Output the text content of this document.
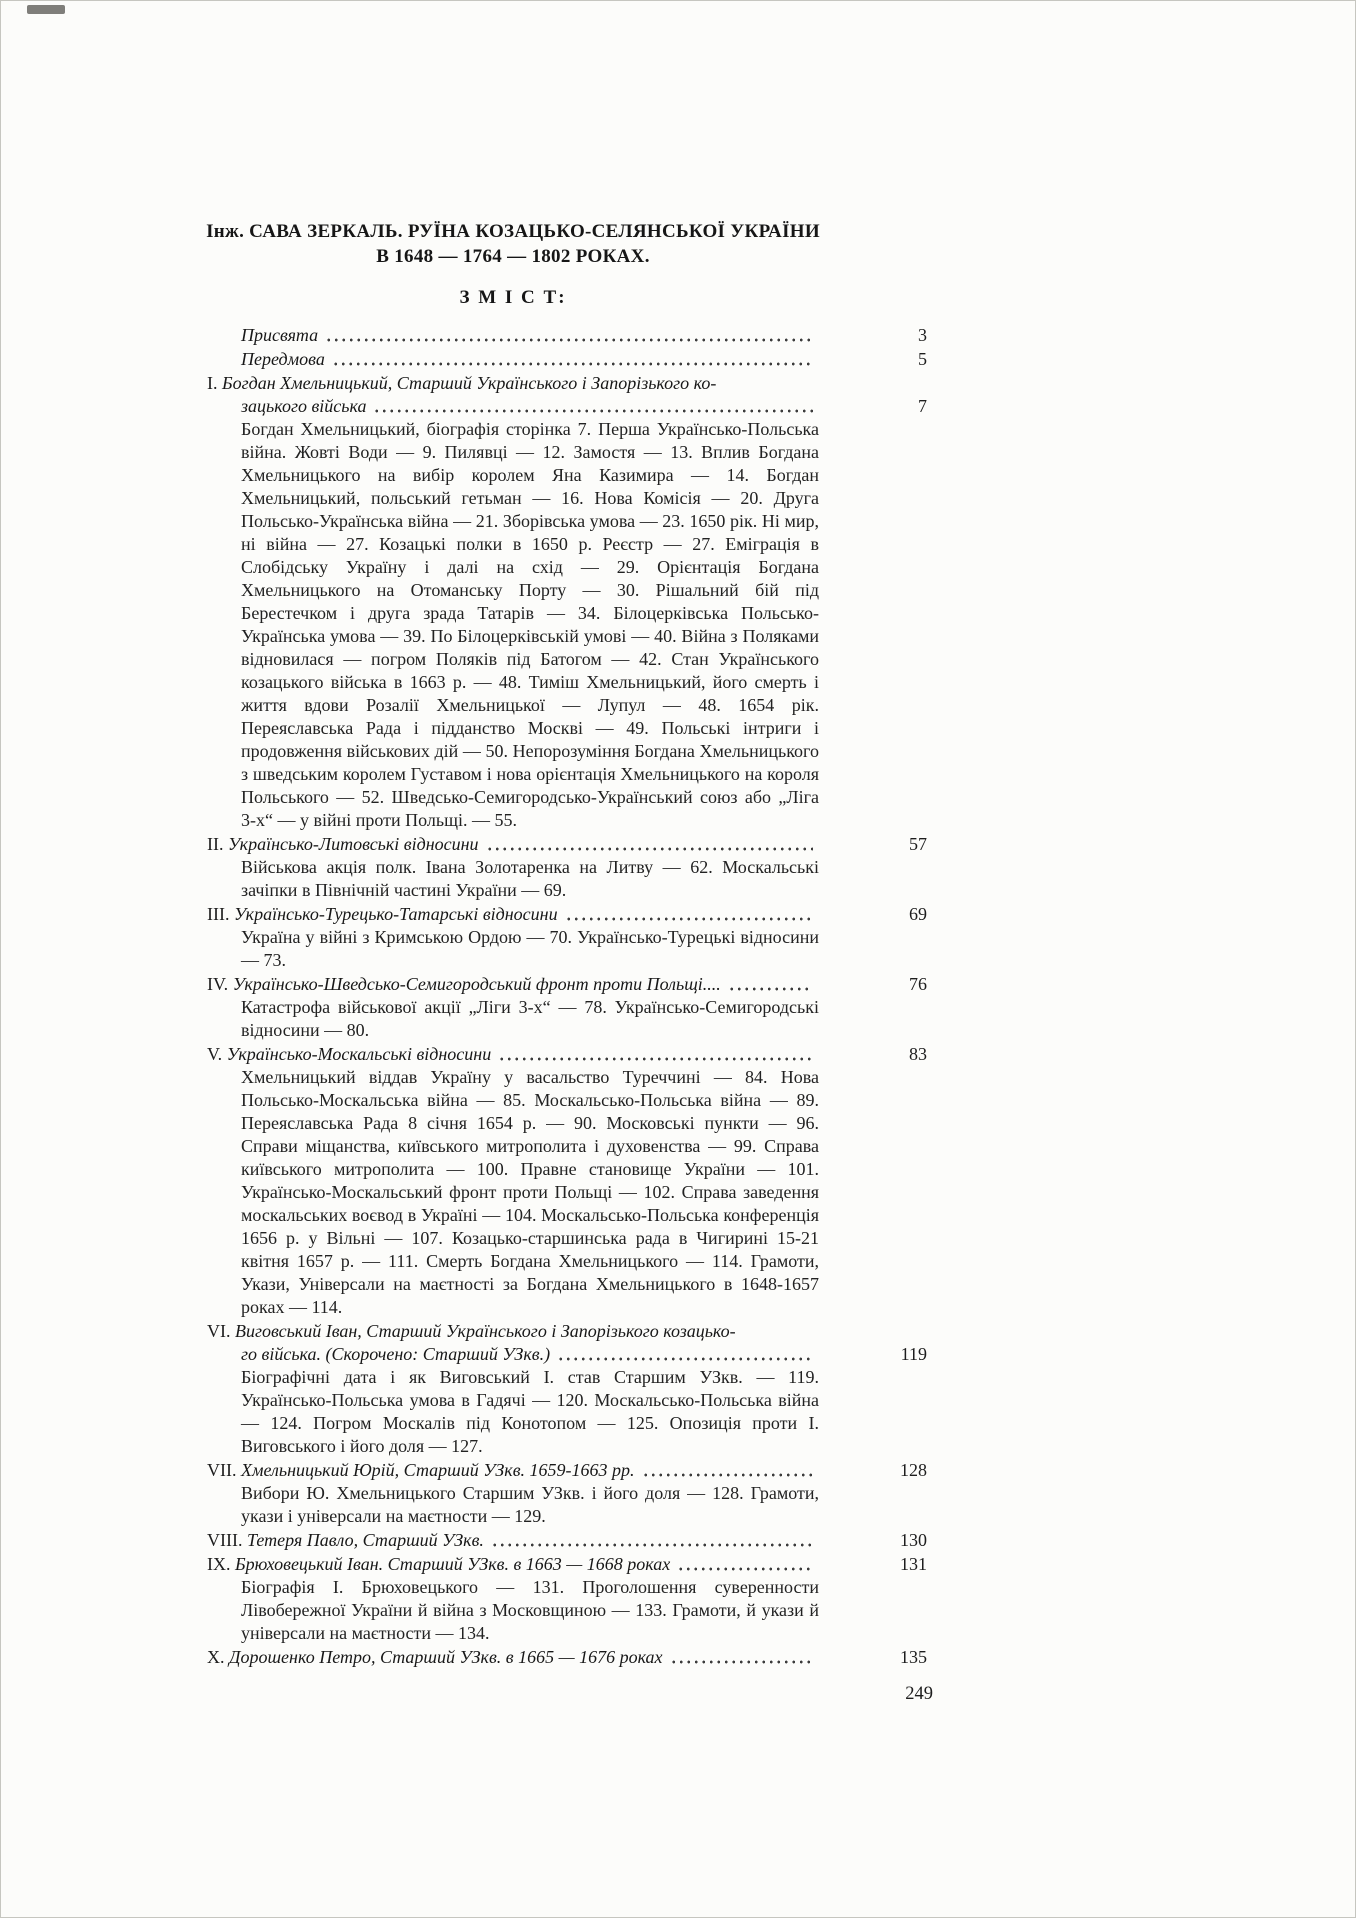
Інж. САВА ЗЕРКАЛЬ. РУЇНА КОЗАЦЬКО-СЕЛЯНСЬКОЇ УКРАЇНИ
В 1648 — 1764 — 1802 РОКАХ.
З М І С Т:
Присвята	3
Передмова	5
I. Богдан Хмельницький, Старший Українського і Запорізького ко-
зацького війська	7
Богдан Хмельницький, біографія сторінка 7. Перша Українсько-Польська війна. Жовті Води — 9. Пилявці — 12. Замостя — 13. Вплив Богдана Хмельницького на вибір королем Яна Казимира — 14. Богдан Хмельницький, польський гетьман — 16. Нова Комісія — 20. Друга Польсько-Українська війна — 21. Зборівська умова — 23. 1650 рік. Ні мир, ні війна — 27. Козацькі полки в 1650 р. Реєстр — 27. Еміграція в Слобідську Україну і далі на схід — 29. Орієнтація Богдана Хмельницького на Отоманську Порту — 30. Рішальний бій під Берестечком і друга зрада Татарів — 34. Білоцерківська Польсько-Українська умова — 39. По Білоцерківській умові — 40. Війна з Поляками відновилася — погром Поляків під Батогом — 42. Стан Українського козацького війська в 1663 р. — 48. Тиміш Хмельницький, його смерть і життя вдови Розалії Хмельницької — Лупул — 48. 1654 рік. Переяславська Рада і підданство Москві — 49. Польські інтриги і продовження військових дій — 50. Непорозуміння Богдана Хмельницького з шведським королем Густавом і нова орієнтація Хмельницького на короля Польського — 52. Шведсько-Семигородсько-Український союз або „Ліга 3-х“ — у війні проти Польщі. — 55.
II. Українсько-Литовські відносини	57
Військова акція полк. Івана Золотаренка на Литву — 62. Москальські зачіпки в Північній частині України — 69.
III. Українсько-Турецько-Татарські відносини	69
Україна у війні з Кримською Ордою — 70. Українсько-Турецькі відносини — 73.
IV. Українсько-Шведсько-Семигородський фронт проти Польщі....	76
Катастрофа військової акції „Ліги 3-х“ — 78. Українсько-Семигородські відносини — 80.
V. Українсько-Москальські відносини	83
Хмельницький віддав Україну у васальство Туреччині — 84. Нова Польсько-Москальська війна — 85. Москальсько-Польська війна — 89. Переяславська Рада 8 січня 1654 р. — 90. Московські пункти — 96. Справи міщанства, київського митрополита і духовенства — 99. Справа київського митрополита — 100. Правне становище України — 101. Українсько-Москальський фронт проти Польщі — 102. Справа заведення москальських воєвод в Україні — 104. Москальсько-Польська конференція 1656 р. у Вільні — 107. Козацько-старшинська рада в Чигирині 15-21 квітня 1657 р. — 111. Смерть Богдана Хмельницького — 114. Грамоти, Укази, Універсали на маєтності за Богдана Хмельницького в 1648-1657 роках — 114.
VI. Виговський Іван, Старший Українського і Запорізького козацько-
го війська. (Скорочено: Старший УЗкв.)	119
Біографічні дата і як Виговський І. став Старшим УЗкв. — 119. Українсько-Польська умова в Гадячі — 120. Москальсько-Польська війна — 124. Погром Москалів під Конотопом — 125. Опозиція проти І. Виговського і його доля — 127.
VII. Хмельницький Юрій, Старший УЗкв. 1659-1663 рр.	128
Вибори Ю. Хмельницького Старшим УЗкв. і його доля — 128. Грамоти, укази і універсали на маєтности — 129.
VIII. Тетеря Павло, Старший УЗкв.	130
IX. Брюховецький Іван. Старший УЗкв. в 1663 — 1668 роках	131
Біографія І. Брюховецького — 131. Проголошення суверенности Лівобережної України й війна з Московщиною — 133. Грамоти, й укази й універсали на маєтности — 134.
X. Дорошенко Петро, Старший УЗкв. в 1665 — 1676 роках	135
249
